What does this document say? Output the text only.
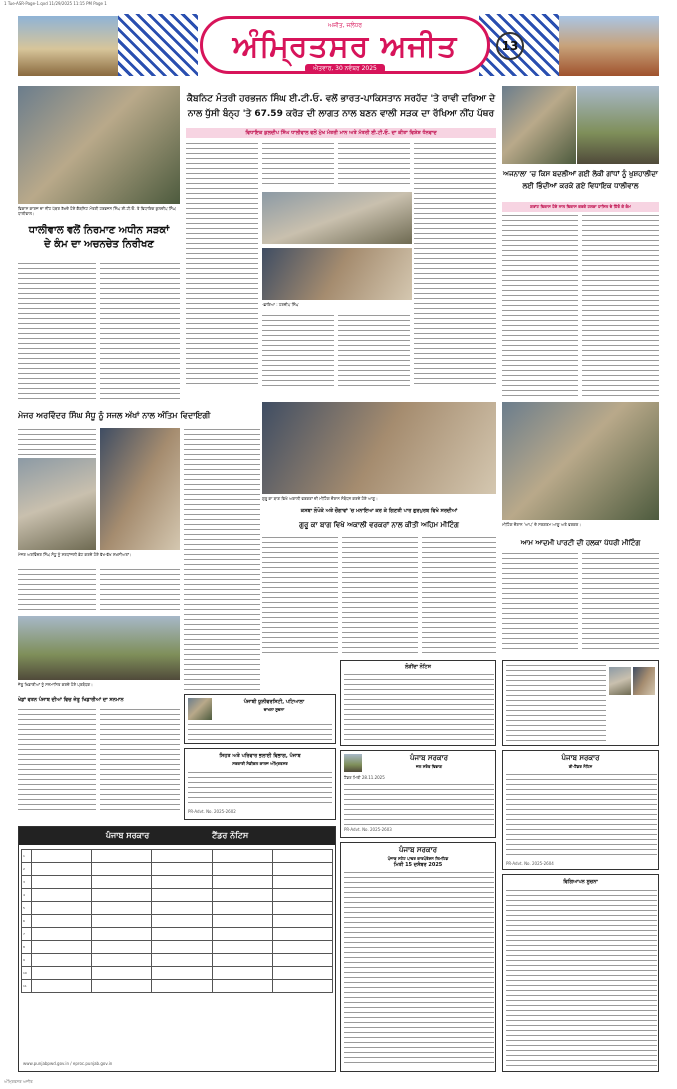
1 Tue-ASR-Page-1.qxd 11/29/2025 11:15 PM Page 1
ਅਜੀਤ, ਜਲੰਧਰ
ਅੰਮ੍ਰਿਤਸਰ ਅਜੀਤ
ਐਤਵਾਰ, 30 ਨਵੰਬਰ 2025
13
ਵਿਕਾਸ ਕਾਰਜ ਦਾ ਨੀਂਹ ਪੱਥਰ ਰੱਖਦੇ ਹੋਏ ਕੈਬਨਿਟ ਮੰਤਰੀ ਹਰਭਜਨ ਸਿੰਘ ਈ.ਟੀ.ਓ. ਤੇ ਵਿਧਾਇਕ ਕੁਲਦੀਪ ਸਿੰਘ ਧਾਲੀਵਾਲ।
ਧਾਲੀਵਾਲ ਵਲੋਂ ਨਿਰਮਾਣ ਅਧੀਨ ਸੜਕਾਂ
ਦੇ ਕੰਮ ਦਾ ਅਚਨਚੇਤ ਨਿਰੀਖਣ
ਕੈਬਨਿਟ ਮੰਤਰੀ ਹਰਭਜਨ ਸਿੰਘ ਈ.ਟੀ.ਓ. ਵਲੋਂ ਭਾਰਤ-ਪਾਕਿਸਤਾਨ ਸਰਹੱਦ 'ਤੇ ਰਾਵੀ ਦਰਿਆ ਦੇ
ਨਾਲ ਧੁੱਸੀ ਬੰਨ੍ਹ 'ਤੇ 67.59 ਕਰੋੜ ਦੀ ਲਾਗਤ ਨਾਲ ਬਣਨ ਵਾਲੀ ਸੜਕ ਦਾ ਰੱਖਿਆ ਨੀਂਹ ਪੱਥਰ
ਵਿਧਾਇਕ ਕੁਲਦੀਪ ਸਿੰਘ ਧਾਲੀਵਾਲ ਵਲੋਂ ਮੁੱਖ ਮੰਤਰੀ ਮਾਨ ਅਤੇ ਮੰਤਰੀ ਈ.ਟੀ.ਓ. ਦਾ ਕੀਤਾ ਵਿਸ਼ੇਸ਼ ਧੰਨਵਾਦ
-ਛਾਇਆ : ਹਰਦੀਪ ਸਿੰਘ
ਅਜਨਾਲਾ 'ਚ ਕਿਸ ਬਦਲੀਆਂ ਗਈ ਲੋਕੀ ਗਾਂਧਾਂ ਨੂੰ ਖੁਸ਼ਹਾਲੀਦਾ
ਲਈ ਭਿੰਦੀਆਂ ਕਰਕੇ ਗਏ ਵਿਧਾਇਕ ਧਾਲੀਵਾਲ
ਗਰਾਂਟ ਵਿਕਾਸ ਹੋਏ ਨਾਲ ਵਿਕਾਸ ਕਰਕੇ ਹਲਕਾ ਹਾਸਿਲ ਦੇ ਹਿੱਤੋ ਕੇ ਕੰਮ
ਮੇਜਰ ਅਰਵਿੰਦਰ ਸਿੰਘ ਸੰਧੂ ਨੂੰ ਸਜਲ ਅੱਖਾਂ ਨਾਲ ਅੰਤਿਮ ਵਿਦਾਇਗੀ
ਮੇਜਰ ਅਰਵਿੰਦਰ ਸਿੰਘ ਸੰਧੂ ਨੂੰ ਸ਼ਰਧਾਂਜਲੀ ਭੇਟ ਕਰਦੇ ਹੋਏ ਵੱਖ-ਵੱਖ ਸ਼ਖ਼ਸੀਅਤਾਂ।
ਜੇਤੂ ਖਿਡਾਰੀਆਂ ਨੂੰ ਸਨਮਾਨਿਤ ਕਰਦੇ ਹੋਏ ਪ੍ਰਬੰਧਕ।
ਖੇਡਾਂ ਵਤਨ ਪੰਜਾਬ ਦੀਆਂ ਵਿਚ ਜੇਤੂ ਖਿਡਾਰੀਆਂ ਦਾ ਸਨਮਾਨ
ਗੁਰੂ ਕਾ ਬਾਗ ਵਿਖੇ ਅਕਾਲੀ ਵਰਕਰਾਂ ਦੀ ਮੀਟਿੰਗ ਦੌਰਾਨ ਸੰਬੋਧਨ ਕਰਦੇ ਹੋਏ ਆਗੂ।
ਕਸਬਾ ਲੋਪੋਕੇ ਅਤੇ ਚੌਗਾਵਾਂ 'ਚ ਮਨਾਇਆ ਕਰ ਕੇ ਗਿਣਤੀ ਪਾਰ ਗੁਰਪੁਰਬ ਵਿਖੇ ਸਰਦੀਆਂ
ਗੁਰੂ ਕਾ ਬਾਗ ਵਿਖੇ ਅਕਾਲੀ ਵਰਕਰਾਂ ਨਾਲ ਕੀਤੀ ਅਹਿਮ ਮੀਟਿੰਗ	ਮੀਟਿੰਗ ਦੌਰਾਨ 'ਆਪ' ਦੇ ਸਰਗਰਮ ਆਗੂ ਅਤੇ ਵਰਕਰ।
ਆਮ ਆਦਮੀ ਪਾਰਟੀ ਦੀ ਹਲਕਾ ਪੱਧਰੀ ਮੀਟਿੰਗ
ਪੰਜਾਬੀ ਯੂਨੀਵਰਸਿਟੀ, ਪਟਿਆਲਾ
ਦਾਖਲਾ ਸੂਚਨਾ
ਸਿਹਤ ਅਤੇ ਪਰਿਵਾਰ ਭਲਾਈ ਵਿਭਾਗ, ਪੰਜਾਬ
ਸਰਕਾਰੀ ਮੈਡੀਕਲ ਕਾਲਜ ਅੰਮ੍ਰਿਤਸਰ
PR-Advt. No. 2025-2602
ਪੰਜਾਬ ਸਰਕਾਰ	ਟੈਂਡਰ ਨੋਟਿਸ
1					
2					
3					
4					
5					
6					
7					
8					
9					
10					
11					
www.punjabpwd.gov.in / eproc.punjab.gov.in
ਲੋੜੀਂਦਾ ਨੋਟਿਸ
ਪੰਜਾਬ ਸਰਕਾਰ
ਜਲ ਸਰੋਤ ਵਿਭਾਗ
ਟੈਂਡਰ ਮਿਤੀ 28.11.2025
PR-Advt. No. 2025-2603
ਪੰਜਾਬ ਸਰਕਾਰ
ਪੰਜਾਬ ਸਟੇਟ ਪਾਵਰ ਕਾਰਪੋਰੇਸ਼ਨ ਲਿਮਟਿਡ
ਮਿਤੀ 15 ਦਸੰਬਰ 2025
ਪੰਜਾਬ ਸਰਕਾਰ
ਈ-ਟੈਂਡਰ ਨੋਟਿਸ
PR-Advt. No. 2025-2604
ਵਿਗਿਆਪਨ ਸੂਚਨਾ
ਅੰਮ੍ਰਿਤਸਰ ਅਜੀਤ
